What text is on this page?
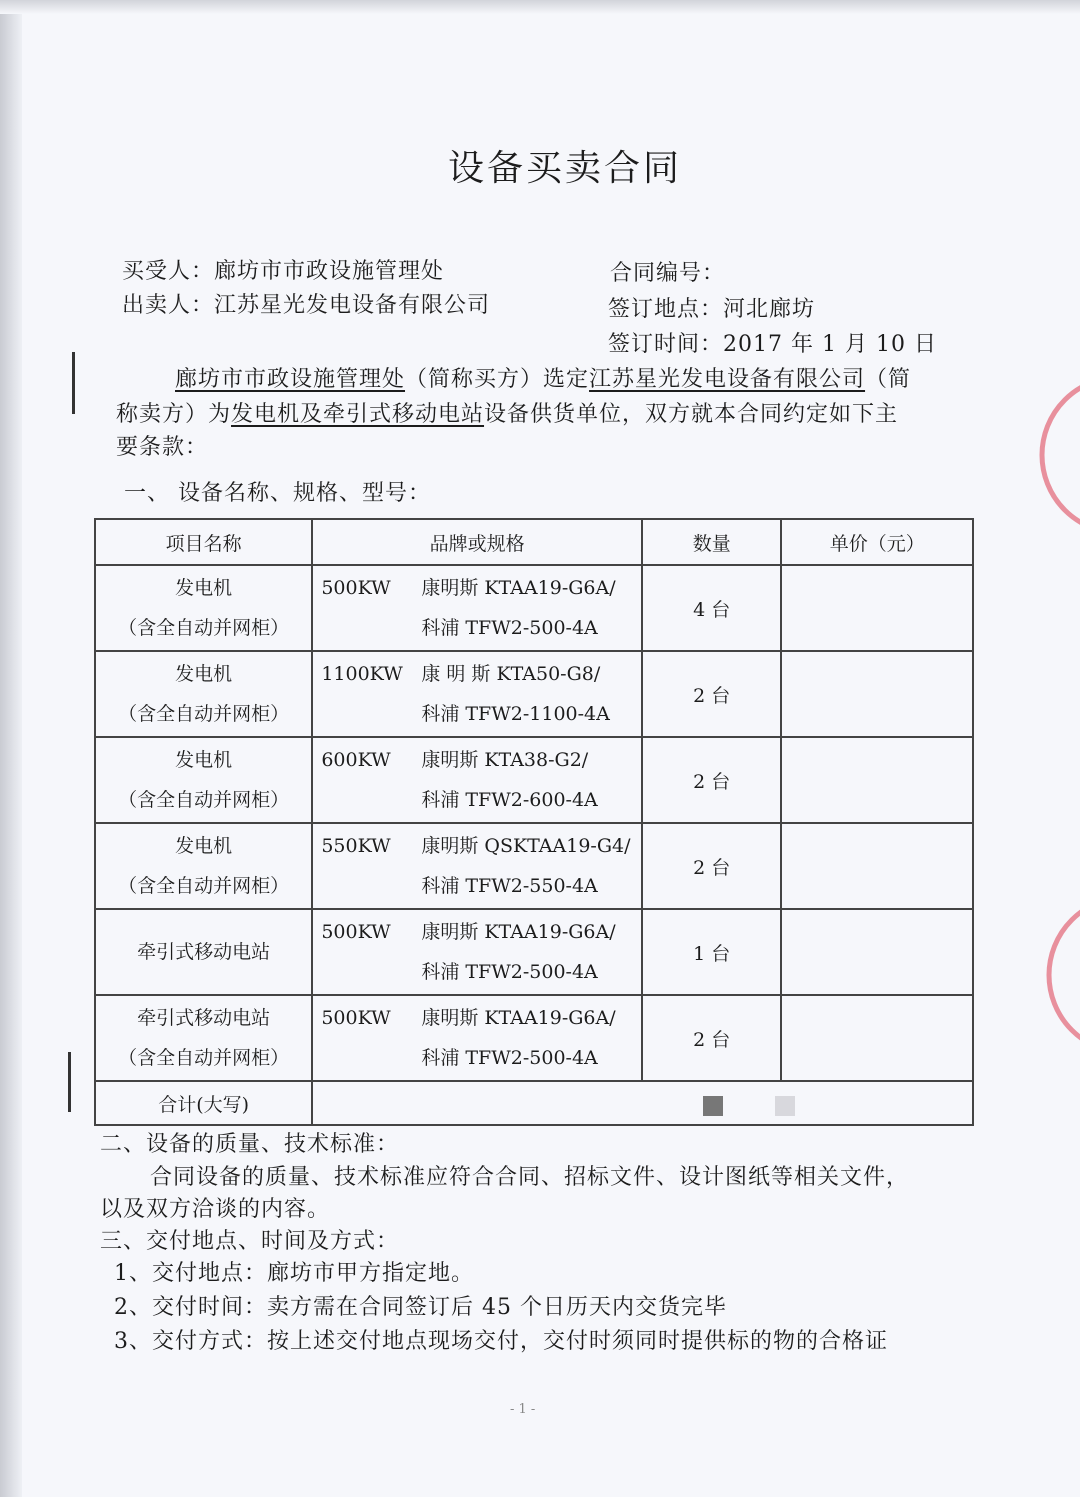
设备买卖合同
买受人：廊坊市市政设施管理处
出卖人：江苏星光发电设备有限公司
合同编号：
签订地点：河北廊坊
签订时间：2017 年 1 月 10 日
廊坊市市政设施管理处（简称买方）选定江苏星光发电设备有限公司（简
称卖方）为发电机及牵引式移动电站设备供货单位，双方就本合同约定如下主
要条款：
一、 设备名称、规格、型号：
项目名称	品牌或规格	数量	单价（元）

发电机
（含全自动并网柜）	500KW 康明斯 KTAA19-G6A/
科浦 TFW2-500-4A	4 台	

发电机
（含全自动并网柜）	1100KW 康 明 斯 KTA50-G8/
科浦 TFW2-1100-4A	2 台	

发电机
（含全自动并网柜）	600KW 康明斯 KTA38-G2/
科浦 TFW2-600-4A	2 台	

发电机
（含全自动并网柜）	550KW 康明斯 QSKTAA19-G4/
科浦 TFW2-550-4A	2 台	

牵引式移动电站	500KW 康明斯 KTAA19-G6A/
科浦 TFW2-500-4A	1 台	

牵引式移动电站
（含全自动并网柜）	500KW 康明斯 KTAA19-G6A/
科浦 TFW2-500-4A	2 台	
合计(大写)			
二、设备的质量、技术标准：
合同设备的质量、技术标准应符合合同、招标文件、设计图纸等相关文件，
以及双方洽谈的内容。
三、交付地点、时间及方式：
1、交付地点：廊坊市甲方指定地。
2、交付时间：卖方需在合同签订后 45 个日历天内交货完毕
3、交付方式：按上述交付地点现场交付，交付时须同时提供标的物的合格证
- 1 -
